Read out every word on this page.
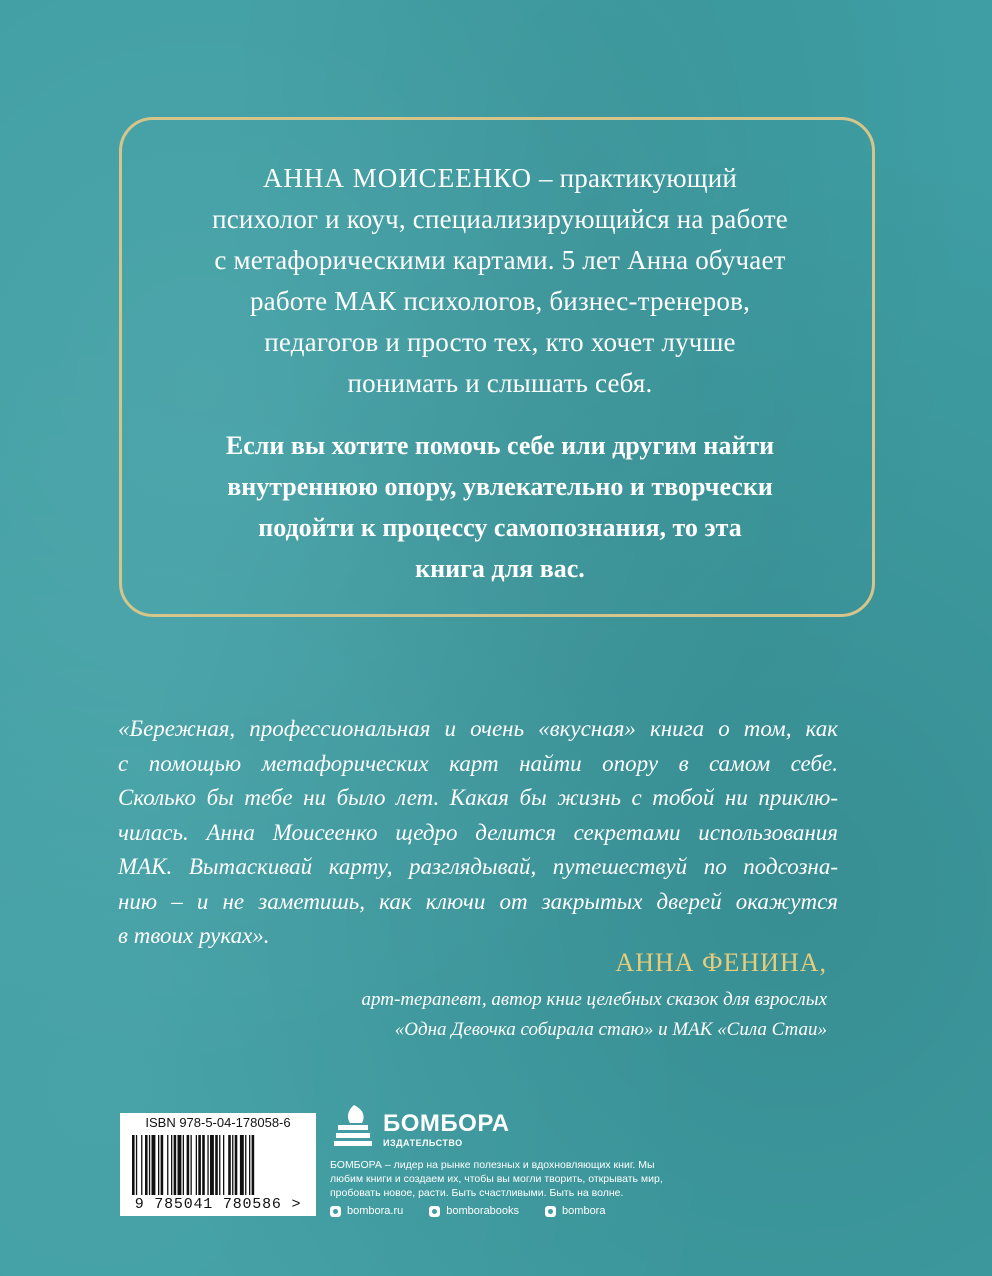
АННА МОИСЕЕНКО – практикующий
психолог и коуч, специализирующийся на работе
с метафорическими картами. 5 лет Анна обучает
работе МАК психологов, бизнес-тренеров,
педагогов и просто тех, кто хочет лучше
понимать и слышать себя.
Если вы хотите помочь себе или другим найти
внутреннюю опору, увлекательно и творчески
подойти к процессу самопознания, то эта
книга для вас.
«Бережная, профессиональная и очень «вкусная» книга о том, как
с помощью метафорических карт найти опору в самом себе.
Сколько бы тебе ни было лет. Какая бы жизнь с тобой ни приклю-
чилась. Анна Моисеенко щедро делится секретами использования
МАК. Вытаскивай карту, разглядывай, путешествуй по подсозна-
нию – и не заметишь, как ключи от закрытых дверей окажутся
в твоих руках».
АННА ФЕНИНА,
арт-терапевт, автор книг целебных сказок для взрослых
«Одна Девочка собирала стаю» и МАК «Сила Стаи»
ISBN 978-5-04-178058-6
9 785041 780586 >
БОМБОРА
ИЗДАТЕЛЬСТВО
БОМБОРА – лидер на рынке полезных и вдохновляющих книг. Мы любим книги и создаем их, чтобы вы могли творить, открывать мир, пробовать новое, расти. Быть счастливыми. Быть на волне.
bombora.ru	bomborabooks	bombora
